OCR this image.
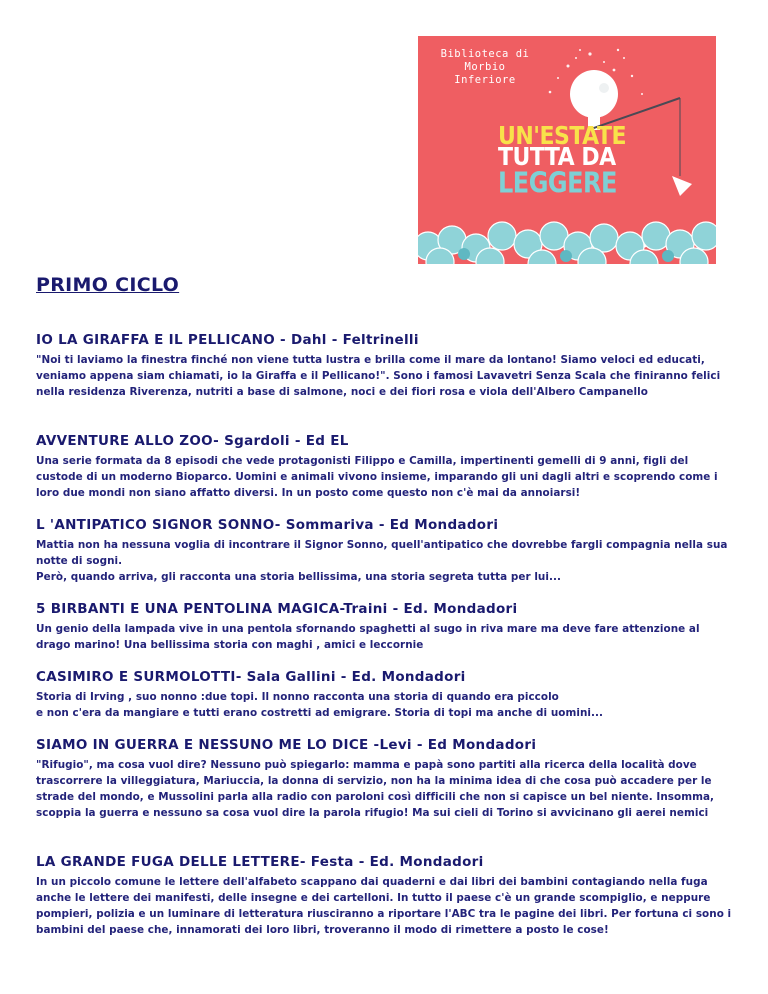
Biblioteca di
Morbio
Inferiore
UN'ESTATE
TUTTA DA
LEGGERE
PRIMO CICLO
IO LA GIRAFFA E IL PELLICANO - Dahl - Feltrinelli

"Noi ti laviamo la finestra finché non viene tutta lustra e brilla come il mare da lontano! Siamo veloci ed educati, veniamo appena siam chiamati, io la Giraffa e il Pellicano!". Sono i famosi Lavavetri Senza Scala che finiranno felici nella residenza Riverenza, nutriti a base di salmone, noci e dei fiori rosa e viola dell'Albero Campanello

AVVENTURE ALLO ZOO- Sgardoli - Ed EL

Una serie formata da 8 episodi che vede protagonisti Filippo e Camilla, impertinenti gemelli di 9 anni, figli del custode di un moderno Bioparco. Uomini e animali vivono insieme, imparando gli uni dagli altri e scoprendo come i loro due mondi non siano affatto diversi. In un posto come questo non c'è mai da annoiarsi!

L 'ANTIPATICO SIGNOR SONNO- Sommariva - Ed Mondadori

Mattia non ha nessuna voglia di incontrare il Signor Sonno, quell'antipatico che dovrebbe fargli compagnia nella sua notte di sogni.
Però, quando arriva, gli racconta una storia bellissima, una storia segreta tutta per lui...

5 BIRBANTI E UNA PENTOLINA MAGICA-Traini - Ed. Mondadori

Un genio della lampada vive in una pentola sfornando spaghetti al sugo in riva mare ma deve fare attenzione al drago marino! Una bellissima storia con maghi , amici e leccornie

CASIMIRO E SURMOLOTTI- Sala Gallini - Ed. Mondadori

Storia di Irving , suo nonno :due topi. Il nonno racconta una storia di quando era piccolo
e non c'era da mangiare e tutti erano costretti ad emigrare. Storia di topi ma anche di uomini...

SIAMO IN GUERRA E NESSUNO ME LO DICE -Levi - Ed Mondadori

"Rifugio", ma cosa vuol dire? Nessuno può spiegarlo: mamma e papà sono partiti alla ricerca della località dove trascorrere la villeggiatura, Mariuccia, la donna di servizio, non ha la minima idea di che cosa può accadere per le strade del mondo, e Mussolini parla alla radio con paroloni così difficili che non si capisce un bel niente. Insomma, scoppia la guerra e nessuno sa cosa vuol dire la parola rifugio! Ma sui cieli di Torino si avvicinano gli aerei nemici

LA GRANDE FUGA DELLE LETTERE- Festa - Ed. Mondadori

In un piccolo comune le lettere dell'alfabeto scappano dai quaderni e dai libri dei bambini contagiando nella fuga anche le lettere dei manifesti, delle insegne e dei cartelloni. In tutto il paese c'è un grande scompiglio, e neppure pompieri, polizia e un luminare di letteratura riusciranno a riportare l'ABC tra le pagine dei libri. Per fortuna ci sono i bambini del paese che, innamorati dei loro libri, troveranno il modo di rimettere a posto le cose!
